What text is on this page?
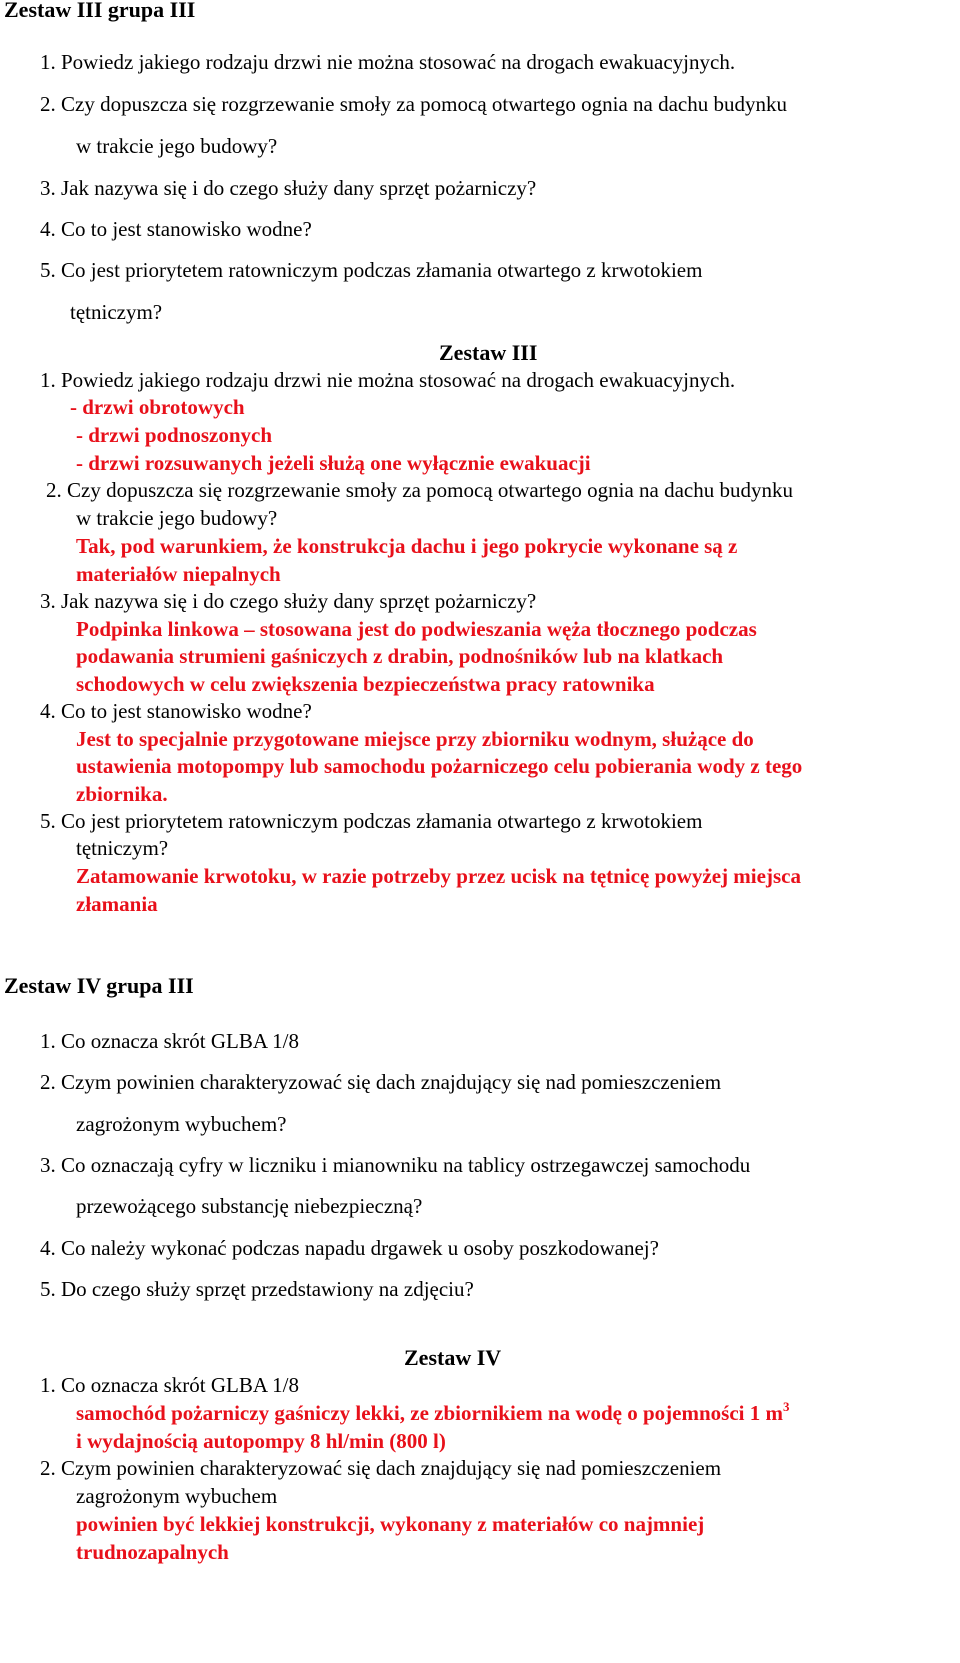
Zestaw III grupa III
1. Powiedz jakiego rodzaju drzwi nie można stosować na drogach ewakuacyjnych.
2. Czy dopuszcza się rozgrzewanie smoły za pomocą otwartego ognia na dachu budynku
w trakcie jego budowy?
3. Jak nazywa się i do czego służy dany sprzęt pożarniczy?
4. Co to jest stanowisko wodne?
5. Co jest priorytetem ratowniczym podczas złamania otwartego z krwotokiem
tętniczym?
Zestaw III
1. Powiedz jakiego rodzaju drzwi nie można stosować na drogach ewakuacyjnych.
- drzwi obrotowych
- drzwi podnoszonych
- drzwi rozsuwanych jeżeli służą one wyłącznie ewakuacji
2. Czy dopuszcza się rozgrzewanie smoły za pomocą otwartego ognia na dachu budynku
w trakcie jego budowy?
Tak, pod warunkiem, że konstrukcja dachu i jego pokrycie wykonane są z
materiałów niepalnych
3. Jak nazywa się i do czego służy dany sprzęt pożarniczy?
Podpinka linkowa – stosowana jest do podwieszania węża tłocznego podczas
podawania strumieni gaśniczych z drabin, podnośników lub na klatkach
schodowych w celu zwiększenia bezpieczeństwa pracy ratownika
4. Co to jest stanowisko wodne?
Jest to specjalnie przygotowane miejsce przy zbiorniku wodnym, służące do
ustawienia motopompy lub samochodu pożarniczego celu pobierania wody z tego
zbiornika.
5. Co jest priorytetem ratowniczym podczas złamania otwartego z krwotokiem
tętniczym?
Zatamowanie krwotoku, w razie potrzeby przez ucisk na tętnicę powyżej miejsca
złamania
Zestaw IV grupa III
1. Co oznacza skrót GLBA 1/8
2. Czym powinien charakteryzować się dach znajdujący się nad pomieszczeniem
zagrożonym wybuchem?
3. Co oznaczają cyfry w liczniku i mianowniku na tablicy ostrzegawczej samochodu
przewożącego substancję niebezpieczną?
4. Co należy wykonać podczas napadu drgawek u osoby poszkodowanej?
5. Do czego służy sprzęt przedstawiony na zdjęciu?
Zestaw IV
1. Co oznacza skrót GLBA 1/8
samochód pożarniczy gaśniczy lekki, ze zbiornikiem na wodę o pojemności 1 $m^3$
i wydajnością autopompy 8 hl/min (800 l)
2. Czym powinien charakteryzować się dach znajdujący się nad pomieszczeniem
zagrożonym wybuchem
powinien być lekkiej konstrukcji, wykonany z materiałów co najmniej
trudnozapalnych
